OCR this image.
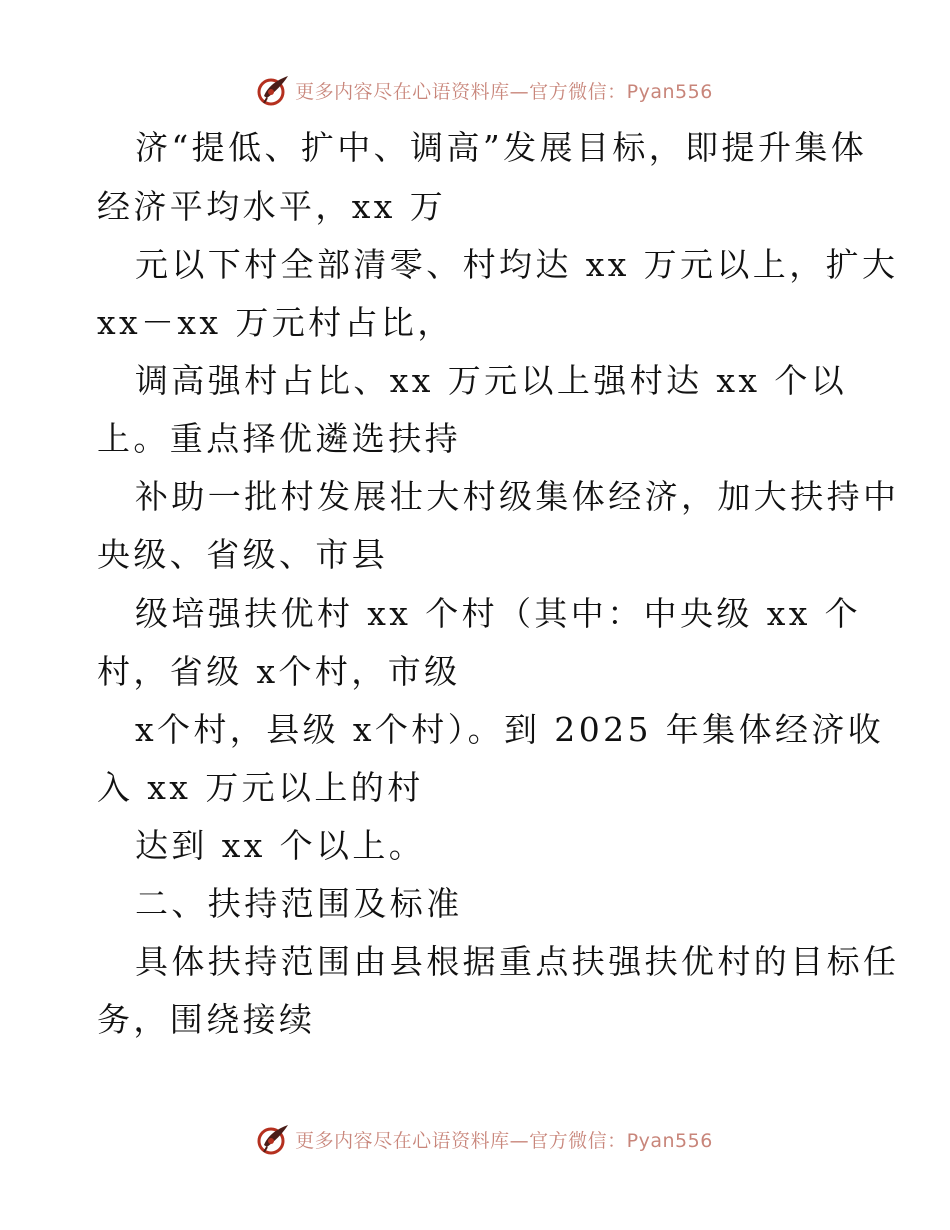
更多内容尽在心语资料库—官方微信：Pyan556
济“提低、扩中、调高”发展目标，即提升集体
经济平均水平，xx 万
元以下村全部清零、村均达 xx 万元以上，扩大
xx－xx 万元村占比，
调高强村占比、xx 万元以上强村达 xx 个以
上。重点择优遴选扶持
补助一批村发展壮大村级集体经济，加大扶持中
央级、省级、市县
级培强扶优村 xx 个村（其中：中央级 xx 个
村，省级 x个村，市级
x个村，县级 x个村）。到 2025 年集体经济收
入 xx 万元以上的村
达到 xx 个以上。
二、扶持范围及标准
具体扶持范围由县根据重点扶强扶优村的目标任
务，围绕接续
更多内容尽在心语资料库—官方微信：Pyan556
